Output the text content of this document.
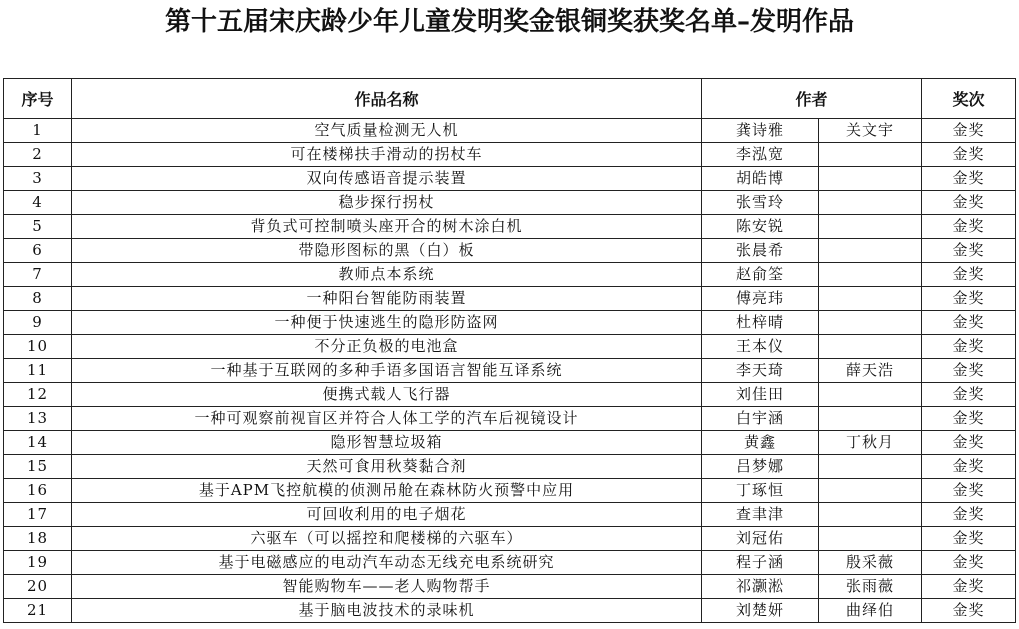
第十五届宋庆龄少年儿童发明奖金银铜奖获奖名单–发明作品
序号	作品名称	作者		奖次
1	空气质量检测无人机	龚诗雅	关文宇	金奖
2	可在楼梯扶手滑动的拐杖车	李泓宽		金奖
3	双向传感语音提示装置	胡皓博		金奖
4	稳步探行拐杖	张雪玲		金奖
5	背负式可控制喷头座开合的树木涂白机	陈安锐		金奖
6	带隐形图标的黑（白）板	张晨希		金奖
7	教师点本系统	赵俞筌		金奖
8	一种阳台智能防雨装置	傅亮玮		金奖
9	一种便于快速逃生的隐形防盗网	杜梓晴		金奖
10	不分正负极的电池盒	王本仪		金奖
11	一种基于互联网的多种手语多国语言智能互译系统	李天琦	薛天浩	金奖
12	便携式载人飞行器	刘佳田		金奖
13	一种可观察前视盲区并符合人体工学的汽车后视镜设计	白宇涵		金奖
14	隐形智慧垃圾箱	黄鑫	丁秋月	金奖
15	天然可食用秋葵黏合剂	吕梦娜		金奖
16	基于APM飞控航模的侦测吊舱在森林防火预警中应用	丁琢恒		金奖
17	可回收利用的电子烟花	查聿津		金奖
18	六驱车（可以摇控和爬楼梯的六驱车）	刘冠佑		金奖
19	基于电磁感应的电动汽车动态无线充电系统研究	程子涵	殷采薇	金奖
20	智能购物车——老人购物帮手	祁灏淞	张雨薇	金奖
21	基于脑电波技术的录味机	刘楚妍	曲绎伯	金奖
